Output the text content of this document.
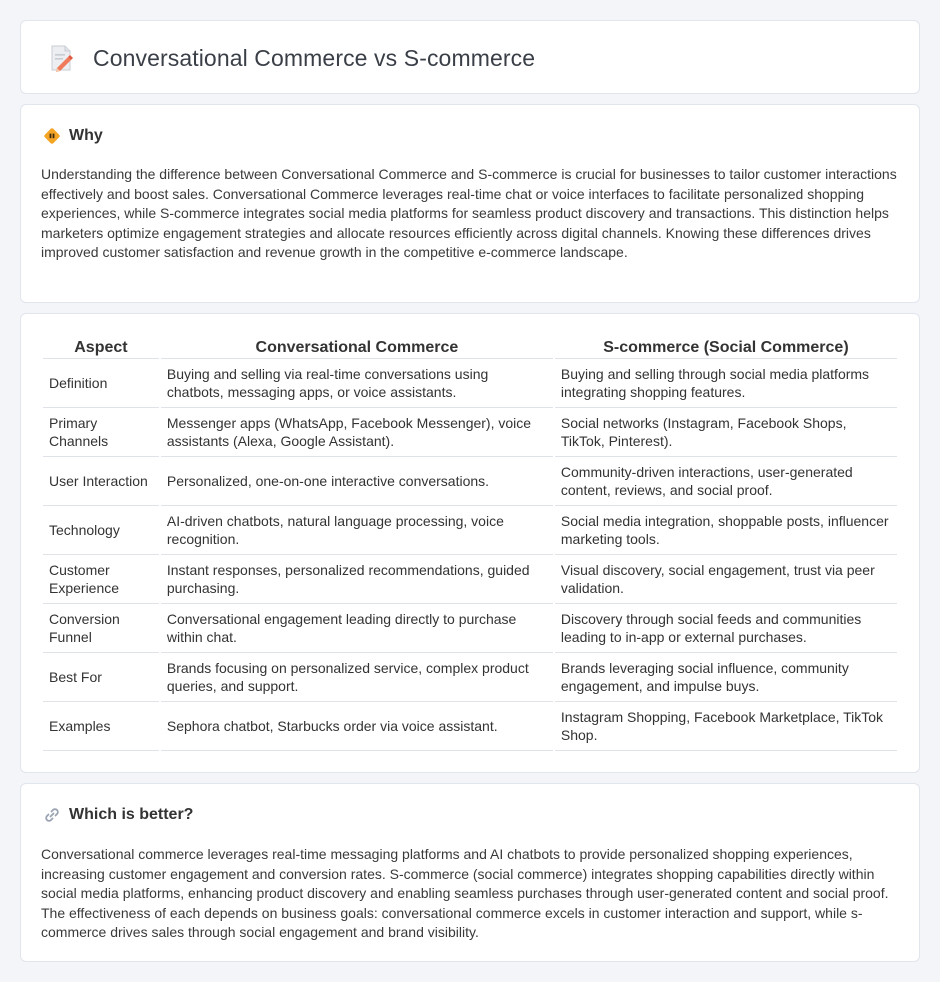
Conversational Commerce vs S-commerce
Why

Understanding the difference between Conversational Commerce and S-commerce is crucial for businesses to tailor customer interactions effectively and boost sales. Conversational Commerce leverages real-time chat or voice interfaces to facilitate personalized shopping experiences, while S-commerce integrates social media platforms for seamless product discovery and transactions. This distinction helps marketers optimize engagement strategies and allocate resources efficiently across digital channels. Knowing these differences drives improved customer satisfaction and revenue growth in the competitive e-commerce landscape.

Aspect	Conversational Commerce	S-commerce (Social Commerce)
Definition	Buying and selling via real-time conversations using chatbots, messaging apps, or voice assistants.	Buying and selling through social media platforms integrating shopping features.
Primary Channels	Messenger apps (WhatsApp, Facebook Messenger), voice assistants (Alexa, Google Assistant).	Social networks (Instagram, Facebook Shops, TikTok, Pinterest).
User Interaction	Personalized, one-on-one interactive conversations.	Community-driven interactions, user-generated content, reviews, and social proof.
Technology	AI-driven chatbots, natural language processing, voice recognition.	Social media integration, shoppable posts, influencer marketing tools.
Customer Experience	Instant responses, personalized recommendations, guided purchasing.	Visual discovery, social engagement, trust via peer validation.
Conversion Funnel	Conversational engagement leading directly to purchase within chat.	Discovery through social feeds and communities leading to in-app or external purchases.
Best For	Brands focusing on personalized service, complex product queries, and support.	Brands leveraging social influence, community engagement, and impulse buys.
Examples	Sephora chatbot, Starbucks order via voice assistant.	Instagram Shopping, Facebook Marketplace, TikTok Shop.
Which is better?

Conversational commerce leverages real-time messaging platforms and AI chatbots to provide personalized shopping experiences, increasing customer engagement and conversion rates. S-commerce (social commerce) integrates shopping capabilities directly within social media platforms, enhancing product discovery and enabling seamless purchases through user-generated content and social proof. The effectiveness of each depends on business goals: conversational commerce excels in customer interaction and support, while s-commerce drives sales through social engagement and brand visibility.
